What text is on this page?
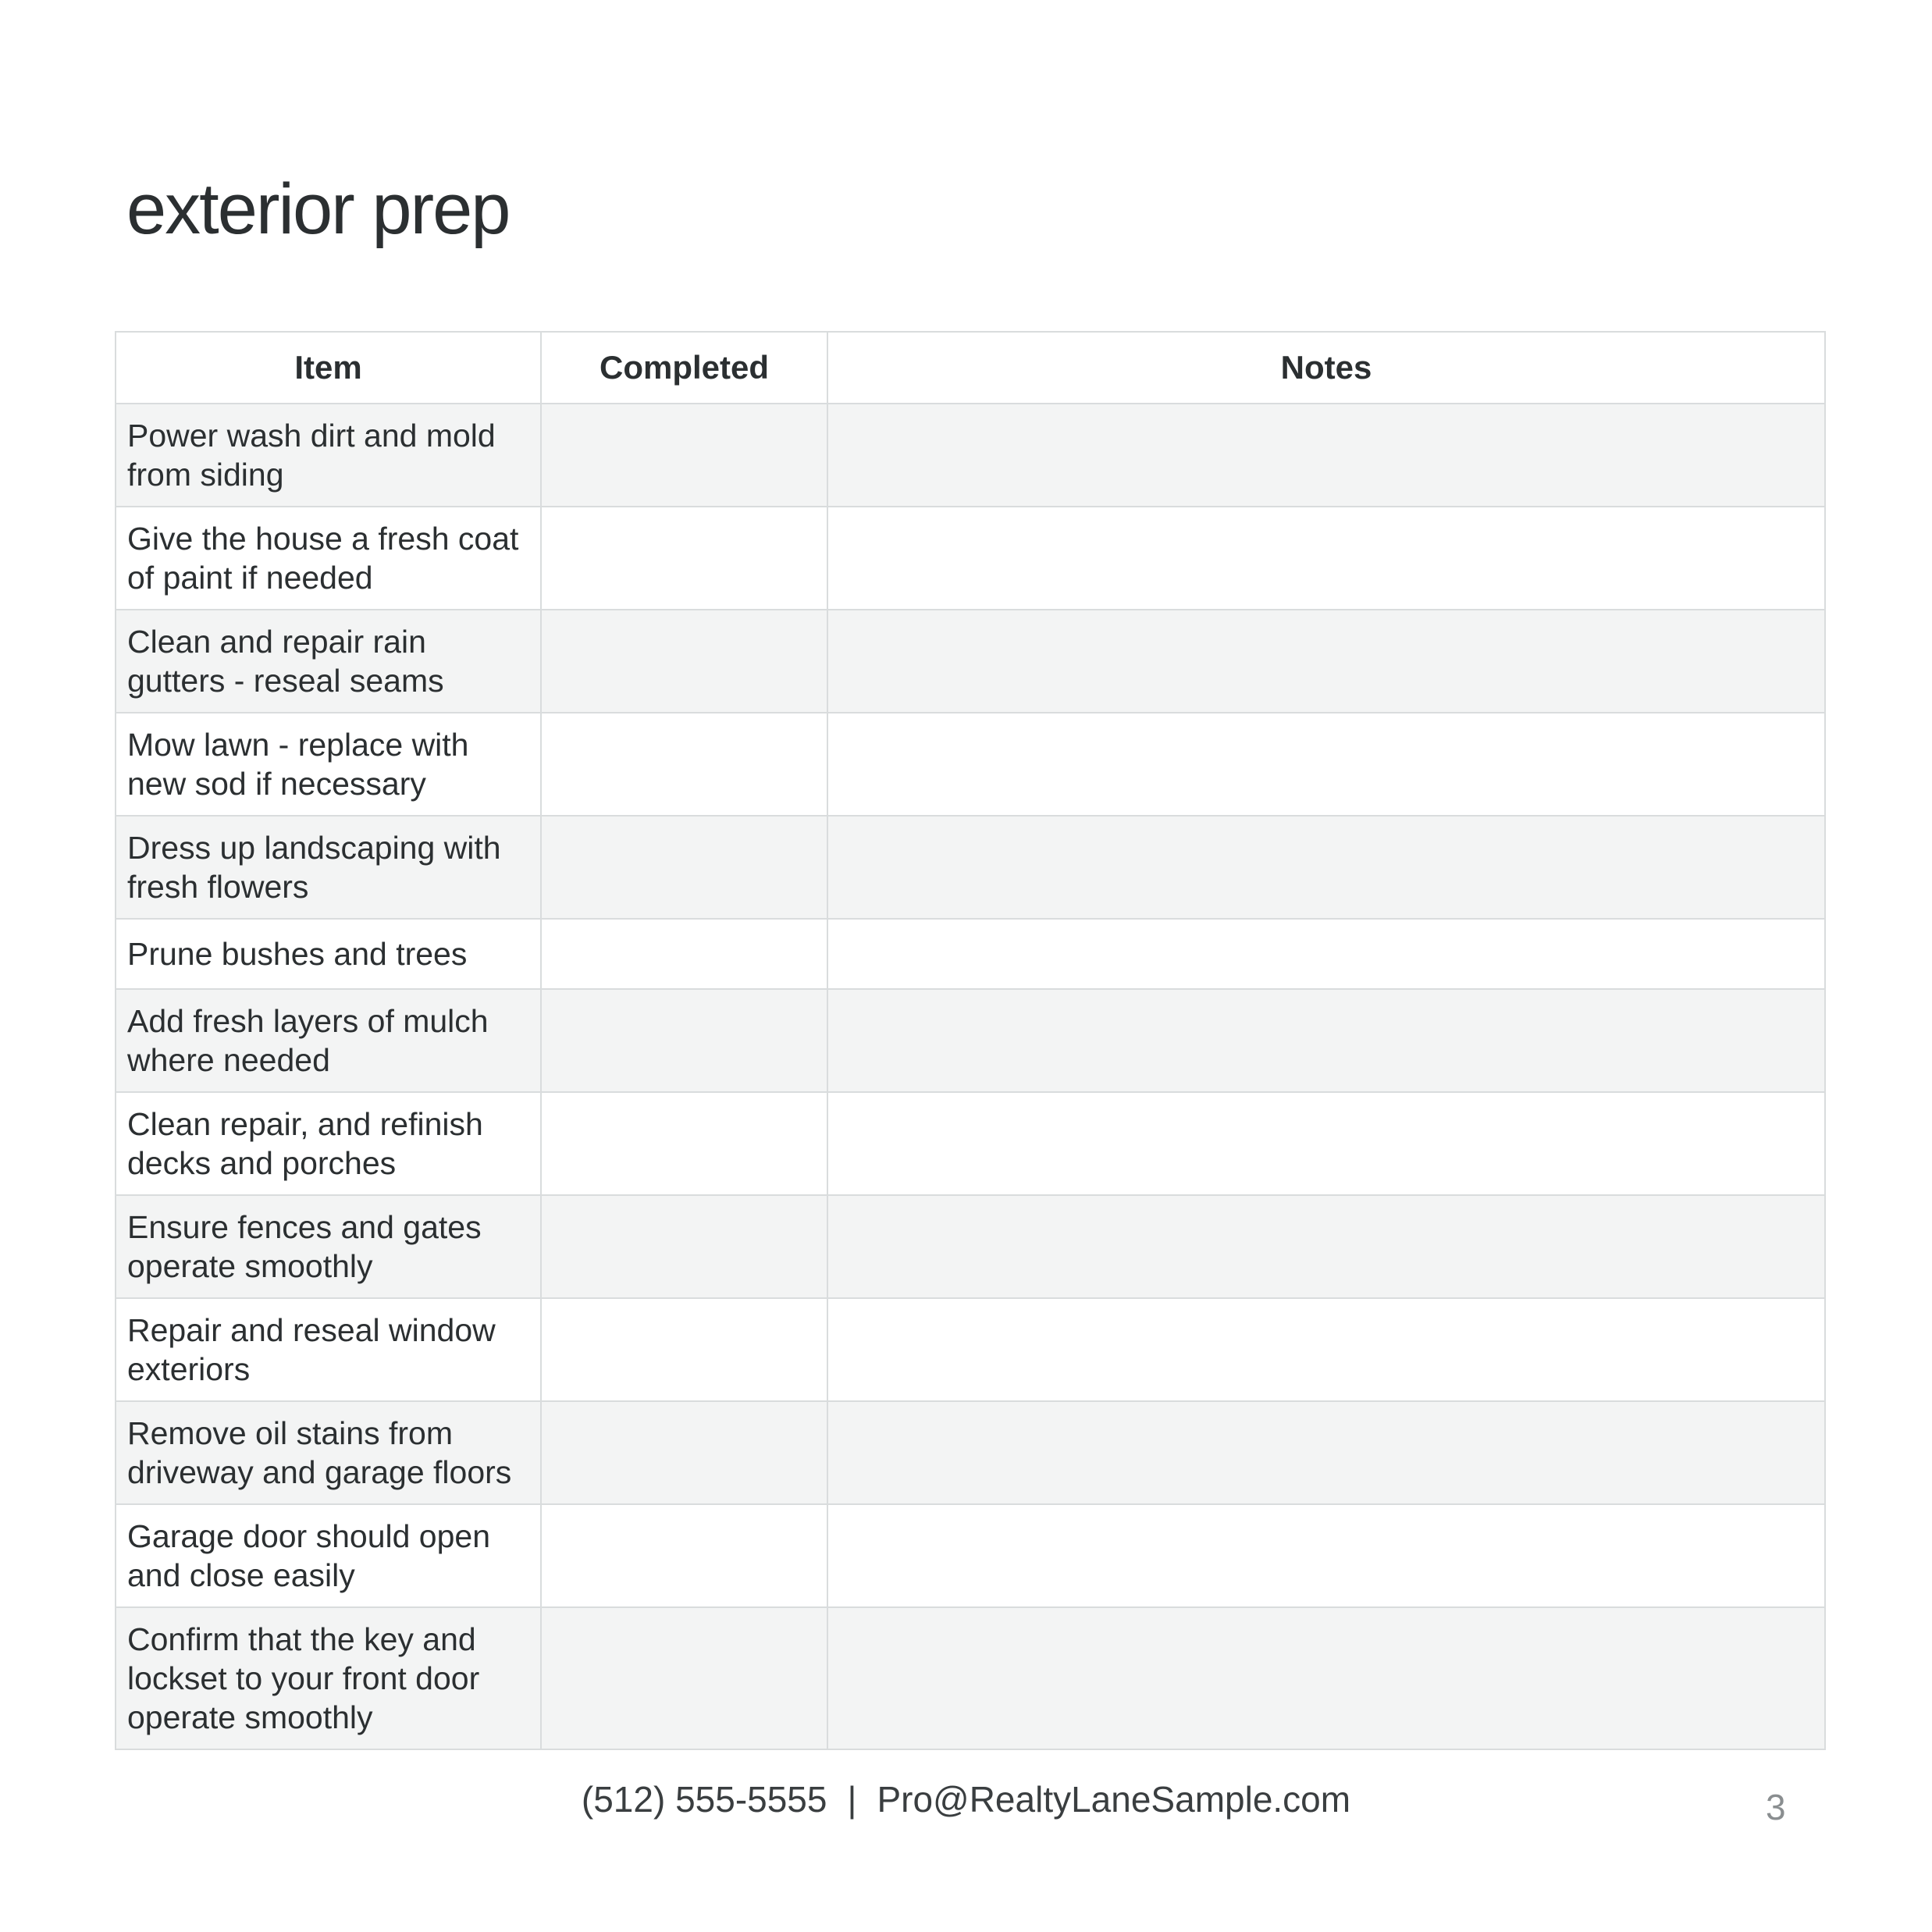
exterior prep
Item	Completed	Notes
Power wash dirt and mold from siding		
Give the house a fresh coat of paint if needed		
Clean and repair rain gutters - reseal seams		
Mow lawn - replace with new sod if necessary		
Dress up landscaping with fresh flowers		
Prune bushes and trees		
Add fresh layers of mulch where needed		
Clean repair, and refinish decks and porches		
Ensure fences and gates operate smoothly		
Repair and reseal window exteriors		
Remove oil stains from driveway and garage floors		
Garage door should open and close easily		
Confirm that the key and lockset to your front door operate smoothly		
(512) 555-5555 | Pro@RealtyLaneSample.com	3
